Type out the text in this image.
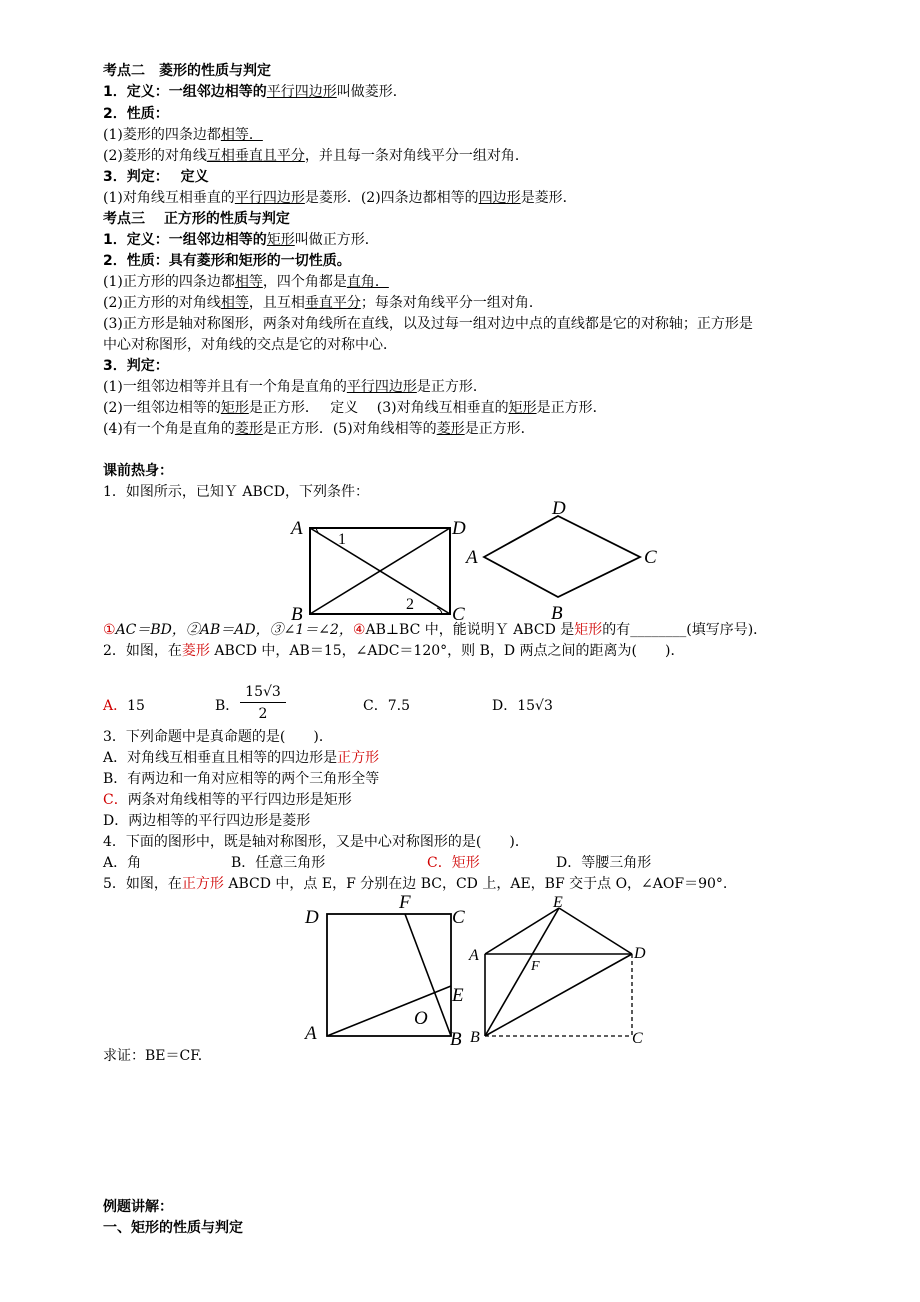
考点二　菱形的性质与判定
1．定义：一组邻边相等的平行四边形叫做菱形．
2．性质：
(1)菱形的四条边都相等．
(2)菱形的对角线互相垂直且平分，并且每一条对角线平分一组对角．
3．判定：　 定义
(1)对角线互相垂直的平行四边形是菱形．(2)四条边都相等的四边形是菱形．
考点三　 正方形的性质与判定
1．定义：一组邻边相等的矩形叫做正方形．
2．性质：具有菱形和矩形的一切性质。
(1)正方形的四条边都相等，四个角都是直角．
(2)正方形的对角线相等，且互相垂直平分；每条对角线平分一组对角．
(3)正方形是轴对称图形，两条对角线所在直线，以及过每一组对边中点的直线都是它的对称轴；正方形是
中心对称图形，对角线的交点是它的对称中心．
3．判定：
(1)一组邻边相等并且有一个角是直角的平行四边形是正方形．
(2)一组邻边相等的矩形是正方形．　 定义　 (3)对角线互相垂直的矩形是正方形．
(4)有一个角是直角的菱形是正方形．(5)对角线相等的菱形是正方形．
课前热身：
1．如图所示，已知Ｙ ABCD，下列条件：
A
B	C
D
1
2
A
D
C
B
①AC＝BD，②AB＝AD，③∠1＝∠2，④AB⊥BC 中，能说明Ｙ ABCD 是矩形的有________(填写序号)．
2．如图，在菱形 ABCD 中，AB＝15，∠ADC＝120°，则 B，D 两点之间的距离为(　　)．
A．15	B． $\frac{15√3}{2}$	C．7.5	D．15√3
3．下列命题中是真命题的是(　　)．
A．对角线互相垂直且相等的四边形是正方形
B．有两边和一角对应相等的两个三角形全等
C．两条对角线相等的平行四边形是矩形
D．两边相等的平行四边形是菱形
4．下面的图形中，既是轴对称图形，又是中心对称图形的是(　　)．
A．角	B．任意三角形	C．矩形	D．等腰三角形
5．如图，在正方形 ABCD 中，点 E，F 分别在边 BC，CD 上，AE，BF 交于点 O，∠AOF＝90°.
D
F
C
E
O
A	B
E
A	D
F
B	C
求证：BE＝CF.
例题讲解：
一、矩形的性质与判定
